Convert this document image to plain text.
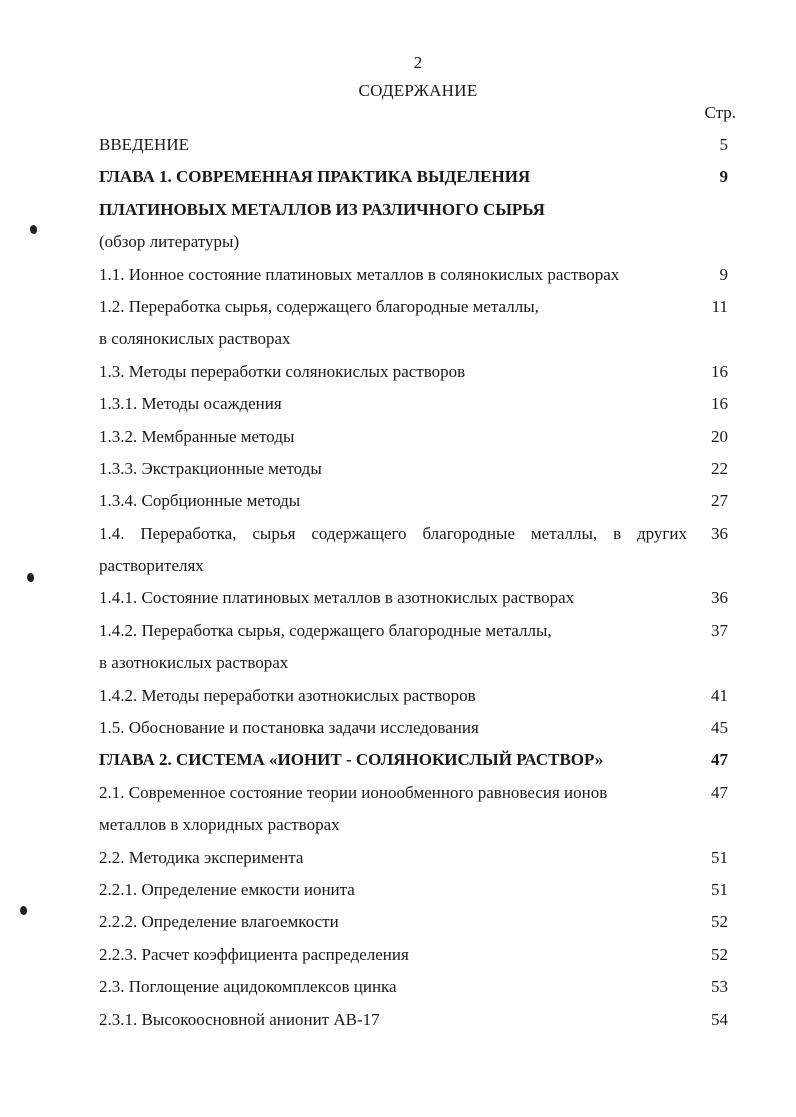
2
СОДЕРЖАНИЕ
Стр.
ВВЕДЕНИЕ	5
ГЛАВА 1. СОВРЕМЕННАЯ ПРАКТИКА ВЫДЕЛЕНИЯ	9
ПЛАТИНОВЫХ МЕТАЛЛОВ ИЗ РАЗЛИЧНОГО СЫРЬЯ
(обзор литературы)
1.1. Ионное состояние платиновых металлов в солянокислых растворах	9
1.2. Переработка сырья, содержащего благородные металлы,	11
в солянокислых растворах
1.3. Методы переработки солянокислых растворов	16
1.3.1. Методы осаждения	16
1.3.2. Мембранные методы	20
1.3.3. Экстракционные методы	22
1.3.4. Сорбционные методы	27
1.4. Переработка, сырья содержащего благородные металлы, в других 36
растворителях
1.4.1. Состояние платиновых металлов в азотнокислых растворах	36
1.4.2. Переработка сырья, содержащего благородные металлы,	37
в азотнокислых растворах
1.4.2. Методы переработки азотнокислых растворов	41
1.5. Обоснование и постановка задачи исследования	45
ГЛАВА 2. СИСТЕМА «ИОНИТ - СОЛЯНОКИСЛЫЙ РАСТВОР»	47
2.1. Современное состояние теории ионообменного равновесия ионов	47
металлов в хлоридных растворах
2.2. Методика эксперимента	51
2.2.1. Определение емкости ионита	51
2.2.2. Определение влагоемкости	52
2.2.3. Расчет коэффициента распределения	52
2.3. Поглощение ацидокомплексов цинка	53
2.3.1. Высокоосновной анионит АВ-17	54
